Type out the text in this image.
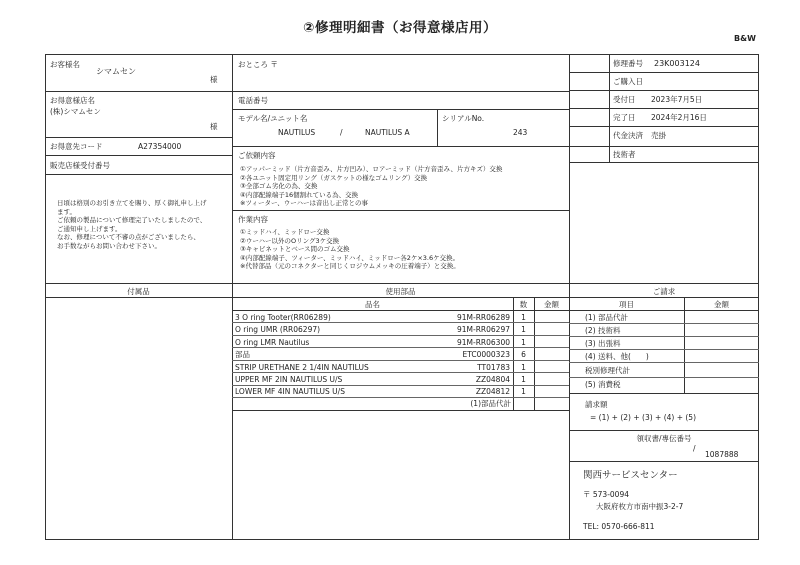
②修理明細書（お得意様店用）
B&W
お客様名
シマムセン
様
お得意様店名
(株)シマムセン
様
お得意先コード	A27354000
販売店様受付番号
日頃は格別のお引き立てを賜り、厚く御礼申し上げ
ます。
ご依頼の製品について修理完了いたしましたので、
ご通知申し上げます。
なお、修理について不審の点がございましたら、
お手数ながらお問い合わせ下さい。
おところ 〒
電話番号
モデル名/ユニット名
NAUTILUS	/	NAUTILUS A
シリアルNo.
243
ご依頼内容
①アッパーミッド（片方音歪み、片方凹み）、ロアーミッド（片方音歪み、片方キズ）交換
②各ユニット固定用リング（ガスケットの様なゴムリング）交換
③全部ゴム劣化の為、交換
④内部配線端子16個割れている為、交換
※ツィーター、ウーハーは音出し正常との事
作業内容
①ミッドハイ、ミッドロー交換
②ウーハー以外のOリング3ケ交換
③キャビネットとベース間のゴム交換
④内部配線端子、ツィーター、ミッドハイ、ミッドロー各2ケ×3.6ケ交換。
※代替部品（元のコネクターと同じくロジウムメッキの圧着端子）と交換。
修理番号 23K003124
ご購入日
受付日 2023年7月5日
完了日 2024年2月16日
代金決済 売掛
技術者
付属品	使用部品
品名	数	金額
3 O ring Tooter(RR06289)	91M-RR06289	1
O ring UMR (RR06297)	91M-RR06297	1
O ring LMR Nautilus	91M-RR06300	1
部品	ETC0000323	6
STRIP URETHANE 2 1/4IN NAUTILUS	TT01783	1
UPPER MF 2IN NAUTILUS U/S	ZZ04804	1
LOWER MF 4IN NAUTILUS U/S	ZZ04812	1
(1)部品代計
ご請求
項目	金額
(1) 部品代計
(2) 技術料
(3) 出張料
(4) 送料、他(　　)
税別修理代計
(5) 消費税
請求額
= (1) + (2) + (3) + (4) + (5)
領収書/專伝番号
/
1087888
関西サービスセンター
〒 573-0094
大阪府枚方市南中振3-2-7
TEL: 0570-666-811
